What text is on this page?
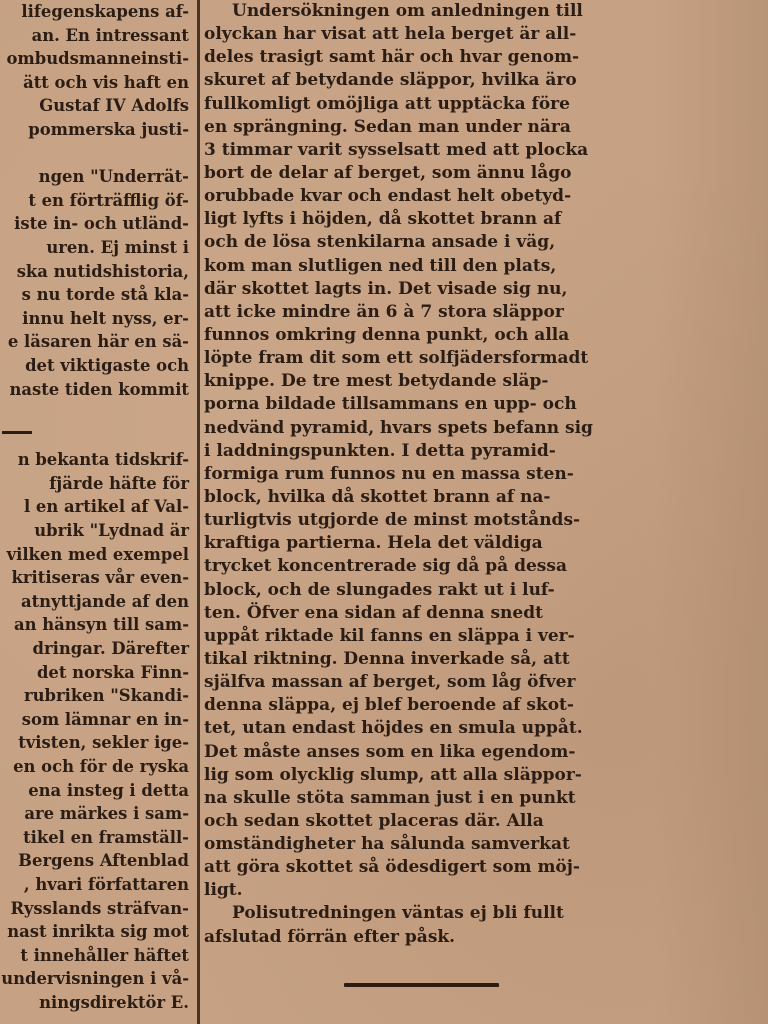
lifegenskapens af-
an. En intressant
ombudsmanneinsti-
ätt och vis haft en
Gustaf IV Adolfs
pommerska justi-
ngen "Underrät-
t en förträfflig öf-
iste in- och utländ-
uren. Ej minst i
ska nutidshistoria,
s nu torde stå kla-
innu helt nyss, er-
e läsaren här en sä-
det viktigaste och
naste tiden kommit
n bekanta tidskrif-
fjärde häfte för
l en artikel af Val-
ubrik "Lydnad är
vilken med exempel
kritiseras vår even-
atnyttjande af den
an hänsyn till sam-
dringar. Därefter
det norska Finn-
rubriken "Skandi-
som lämnar en in-
tvisten, sekler ige-
en och för de ryska
ena insteg i detta
are märkes i sam-
tikel en framställ-
Bergens Aftenblad
, hvari författaren
Rysslands sträfvan-
nast inrikta sig mot
t innehåller häftet
undervisningen i vå-
ningsdirektör E.
Undersökningen om anledningen till
olyckan har visat att hela berget är all-
deles trasigt samt här och hvar genom-
skuret af betydande släppor, hvilka äro
fullkomligt omöjliga att upptäcka före
en sprängning. Sedan man under nära
3 timmar varit sysselsatt med att plocka
bort de delar af berget, som ännu lågo
orubbade kvar och endast helt obetyd-
ligt lyfts i höjden, då skottet brann af
och de lösa stenkilarna ansade i väg,
kom man slutligen ned till den plats,
där skottet lagts in. Det visade sig nu,
att icke mindre än 6 à 7 stora släppor
funnos omkring denna punkt, och alla
löpte fram dit som ett solfjädersformadt
knippe. De tre mest betydande släp-
porna bildade tillsammans en upp- och
nedvänd pyramid, hvars spets befann sig
i laddningspunkten. I detta pyramid-
formiga rum funnos nu en massa sten-
block, hvilka då skottet brann af na-
turligtvis utgjorde de minst motstånds-
kraftiga partierna. Hela det väldiga
trycket koncentrerade sig då på dessa
block, och de slungades rakt ut i luf-
ten. Öfver ena sidan af denna snedt
uppåt riktade kil fanns en släppa i ver-
tikal riktning. Denna inverkade så, att
själfva massan af berget, som låg öfver
denna släppa, ej blef beroende af skot-
tet, utan endast höjdes en smula uppåt.
Det måste anses som en lika egendom-
lig som olycklig slump, att alla släppor-
na skulle stöta samman just i en punkt
och sedan skottet placeras där. Alla
omständigheter ha sålunda samverkat
att göra skottet så ödesdigert som möj-
ligt.
Polisutredningen väntas ej bli fullt
afslutad förrän efter påsk.
